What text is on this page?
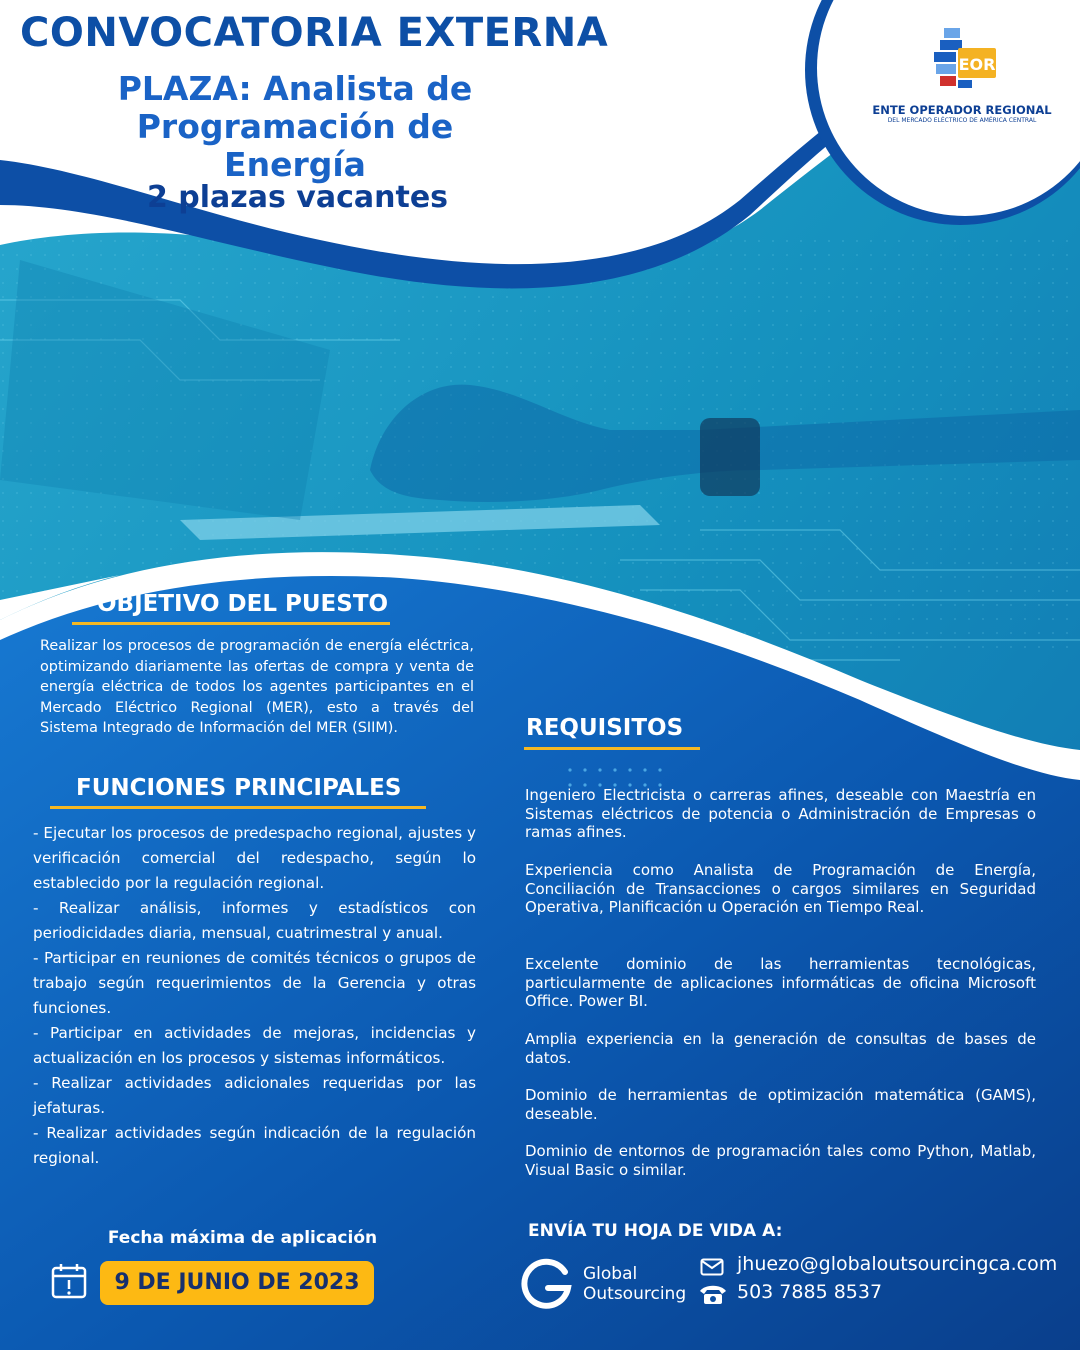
CONVOCATORIA EXTERNA
PLAZA: Analista de
Programación de
Energía
2 plazas vacantes
EOR
ENTE OPERADOR REGIONAL
DEL MERCADO ELÉCTRICO DE AMÉRICA CENTRAL
OBJETIVO DEL PUESTO

Realizar los procesos de programación de energía eléctrica, optimizando diariamente las ofertas de compra y venta de energía eléctrica de todos los agentes participantes en el Mercado Eléctrico Regional (MER), esto a través del Sistema Integrado de Información del MER (SIIM).

FUNCIONES PRINCIPALES

- Ejecutar los procesos de predespacho regional, ajustes y verificación comercial del redespacho, según lo establecido por la regulación regional.

- Realizar análisis, informes y estadísticos con periodicidades diaria, mensual, cuatrimestral y anual.

- Participar en reuniones de comités técnicos o grupos de trabajo según requerimientos de la Gerencia y otras funciones.

- Participar en actividades de mejoras, incidencias y actualización en los procesos y sistemas informáticos.

- Realizar actividades adicionales requeridas por las jefaturas.

- Realizar actividades según indicación de la regulación regional.

REQUISITOS

Ingeniero Electricista o carreras afines, deseable con Maestría en Sistemas eléctricos de potencia o Administración de Empresas o ramas afines.

Experiencia como Analista de Programación de Energía, Conciliación de Transacciones o cargos similares en Seguridad Operativa, Planificación u Operación en Tiempo Real.

Excelente dominio de las herramientas tecnológicas, particularmente de aplicaciones informáticas de oficina Microsoft Office. Power BI.

Amplia experiencia en la generación de consultas de bases de datos.

Dominio de herramientas de optimización matemática (GAMS), deseable.

Dominio de entornos de programación tales como Python, Matlab, Visual Basic o similar.

Fecha máxima de aplicación
9 DE JUNIO DE 2023
ENVÍA TU HOJA DE VIDA A:
Global
Outsourcing
jhuezo@globaloutsourcingca.com
503 7885 8537
